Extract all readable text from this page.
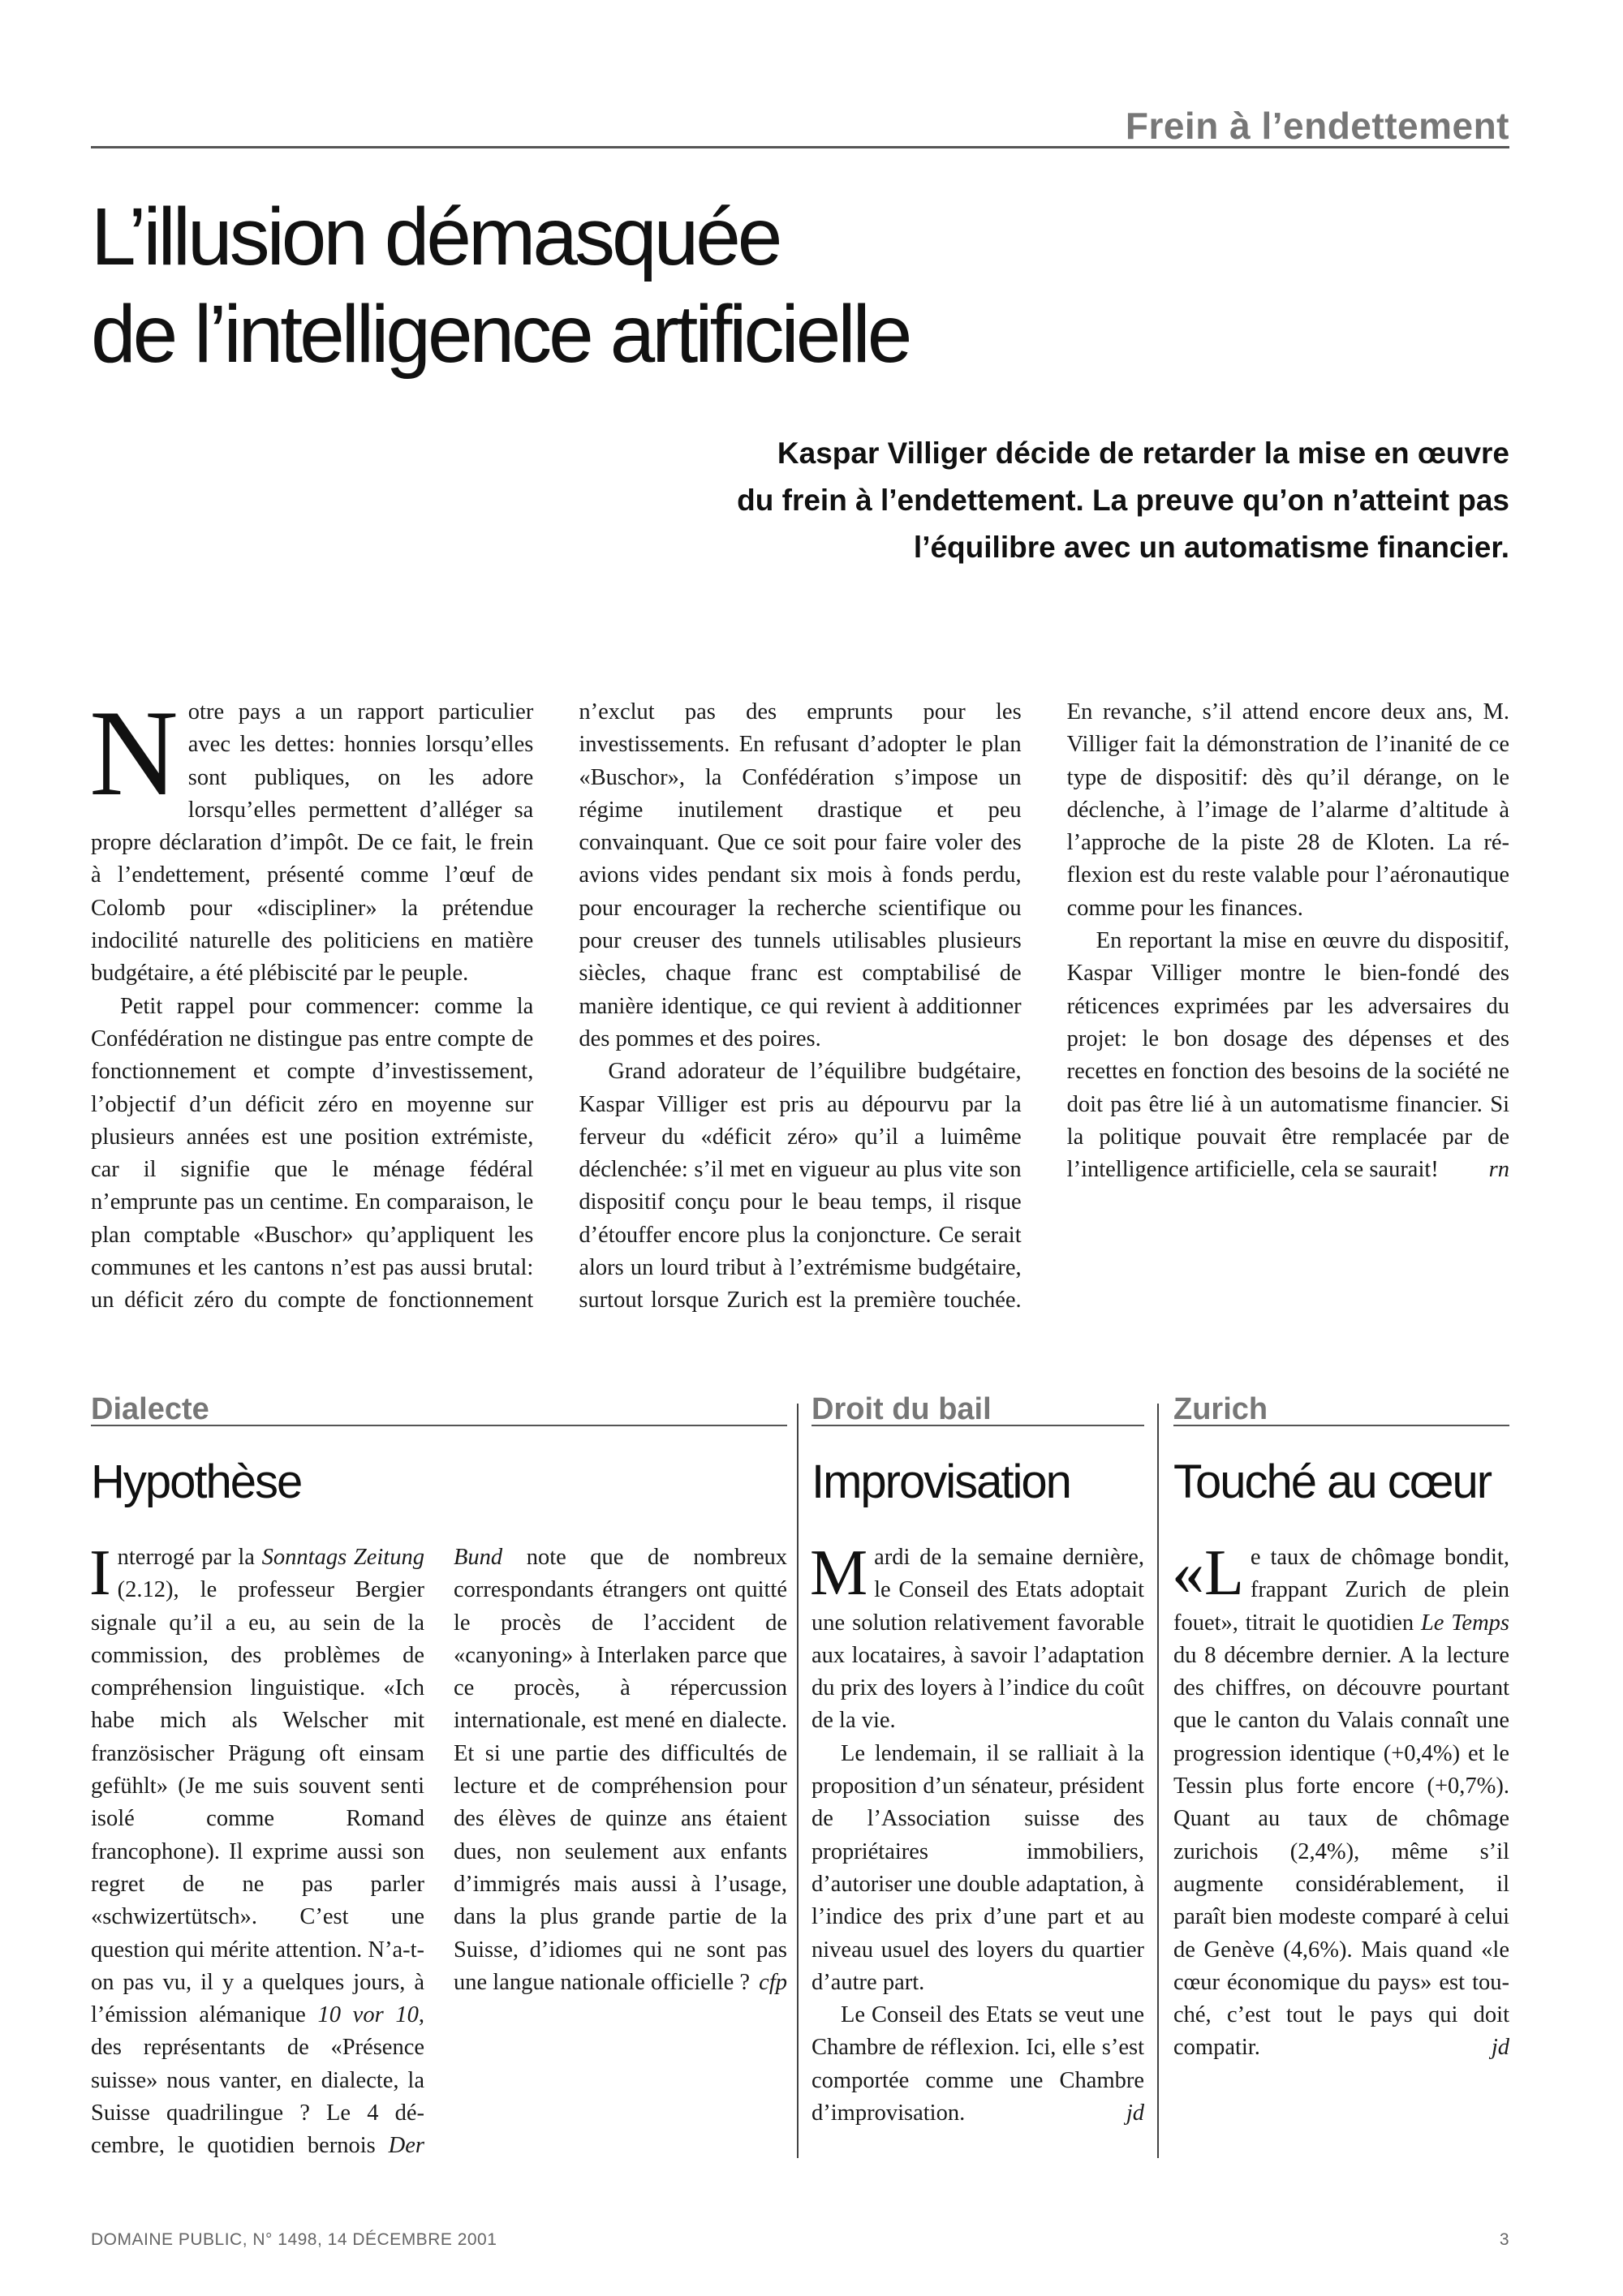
Frein à l’endettement
L’illusion démasquée
de l’intelligence artificielle

Kaspar Villiger décide de retarder la mise en œuvre
du frein à l’endettement. La preuve qu’on n’atteint pas
l’équilibre avec un automatisme financier.

Notre pays a un rapport particulier avec les dettes: honnies lorsqu’elles sont publiques, on les adore lorsqu’elles permettent d’alléger sa propre déclaration d’impôt. De ce fait, le frein à l’endettement, présenté comme l’œuf de Colomb pour «discipliner» la prétendue indocilité naturelle des politiciens en matière budgétaire, a été plébiscité par le peuple.

Petit rappel pour commencer: comme la Confédération ne distingue pas entre compte de fonctionnement et compte d’investissement, l’objectif d’un déficit zéro en moyenne sur plusieurs années est une position extrémiste, car il signifie que le ménage fédéral n’emprunte pas un centime. En comparaison, le plan comptable «Buschor» qu’appliquent les communes et les cantons n’est pas aussi brutal: un déficit zéro du compte de fonctionnement n’exclut pas des emprunts pour les investissements. En refusant d’adopter le plan «Buschor», la Confédération s’impose un régime inutilement drastique et peu convainquant. Que ce soit pour faire voler des avions vides pendant six mois à fonds perdu, pour encourager la recherche scientifique ou pour creuser des tunnels utilisables plusieurs siècles, chaque franc est comptabilisé de manière identique, ce qui revient à additionner des pommes et des poires.

Grand adorateur de l’équilibre budgétaire, Kaspar Villiger est pris au dépourvu par la ferveur du «déficit zéro» qu’il a luimême déclenchée: s’il met en vigueur au plus vite son dispositif conçu pour le beau temps, il risque d’étouffer encore plus la conjoncture. Ce serait alors un lourd tribut à l’extrémisme budgétaire, surtout lorsque Zurich est la première touchée. En revanche, s’il attend encore deux ans, M. Villiger fait la démonstration de l’inanité de ce type de dispositif: dès qu’il dérange, on le déclenche, à l’image de l’alarme d’altitude à l’approche de la piste 28 de Kloten. La réflexion est du reste valable pour l’aéronautique comme pour les finances.

En reportant la mise en œuvre du dispositif, Kaspar Villiger montre le bien-fondé des réticences exprimées par les adversaires du projet: le bon dosage des dépenses et des recettes en fonction des besoins de la société ne doit pas être lié à un automatisme financier. Si la politique pouvait être remplacée par de l’intelligence artificielle, cela se saurait!	rn

Dialecte
Hypothèse

Interrogé par la Sonntags Zeitung (2.12), le professeur Bergier signale qu’il a eu, au sein de la commission, des problèmes de compréhension linguistique. «Ich habe mich als Welscher mit französischer Prägung oft einsam gefühlt» (Je me suis souvent senti isolé comme Romand francophone). Il exprime aussi son regret de ne pas parler «schwizertütsch». C’est une question qui mérite attention. N’a-t-on pas vu, il y a quelques jours, à l’émission alémanique 10 vor 10, des représentants de «Présence suisse» nous vanter, en dialecte, la Suisse quadrilingue ? Le 4 décembre, le quotidien bernois Der Bund note que de nombreux correspondants étrangers ont quitté le procès de l’accident de «canyoning» à Interlaken parce que ce procès, à répercussion internationale, est mené en dialecte. Et si une partie des difficultés de lecture et de compréhension pour des élèves de quinze ans étaient dues, non seulement aux enfants d’immigrés mais aussi à l’usage, dans la plus grande partie de la Suisse, d’idiomes qui ne sont pas une langue nationale officielle ? cfp

Droit du bail
Improvisation

Mardi de la semaine dernière, le Conseil des Etats adoptait une solution relativement favorable aux locataires, à savoir l’adaptation du prix des loyers à l’indice du coût de la vie.

Le lendemain, il se ralliait à la proposition d’un sénateur, président de l’Association suisse des propriétaires immobiliers, d’autoriser une double adaptation, à l’indice des prix d’une part et au niveau usuel des loyers du quartier d’autre part.

Le Conseil des Etats se veut une Chambre de réflexion. Ici, elle s’est comportée comme une Chambre d’improvisation.	jd

Zurich
Touché au cœur

«Le taux de chômage bondit, frappant Zurich de plein fouet», titrait le quotidien Le Temps du 8 décembre dernier. A la lecture des chiffres, on découvre pourtant que le canton du Valais connaît une progression identique (+0,4%) et le Tessin plus forte encore (+0,7%). Quant au taux de chômage zurichois (2,4%), même s’il augmente considérablement, il paraît bien modeste comparé à celui de Genève (4,6%). Mais quand «le cœur économique du pays» est touché, c’est tout le pays qui doit compatir.	jd

DOMAINE PUBLIC, N° 1498, 14 DÉCEMBRE 2001	3
